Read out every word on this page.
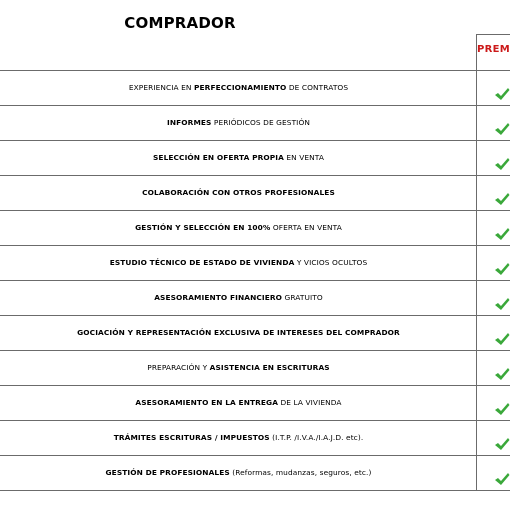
COMPRADOR
PREM
EXPERIENCIA EN PERFECCIONAMIENTO DE CONTRATOS
INFORMES PERIÓDICOS DE GESTIÓN
SELECCIÓN EN OFERTA PROPIA EN VENTA
COLABORACIÓN CON OTROS PROFESIONALES
GESTIÓN Y SELECCIÓN EN 100% OFERTA EN VENTA
ESTUDIO TÉCNICO DE ESTADO DE VIVIENDA Y VICIOS OCULTOS
ASESORAMIENTO FINANCIERO GRATUITO
GOCIACIÓN Y REPRESENTACIÓN EXCLUSIVA DE INTERESES DEL COMPRADOR
PREPARACIÓN Y ASISTENCIA EN ESCRITURAS
ASESORAMIENTO EN LA ENTREGA DE LA VIVIENDA
TRÁMITES ESCRITURAS / IMPUESTOS (I.T.P. /I.V.A./I.A.J.D. etc).
GESTIÓN DE PROFESIONALES (Reformas, mudanzas, seguros, etc.)
